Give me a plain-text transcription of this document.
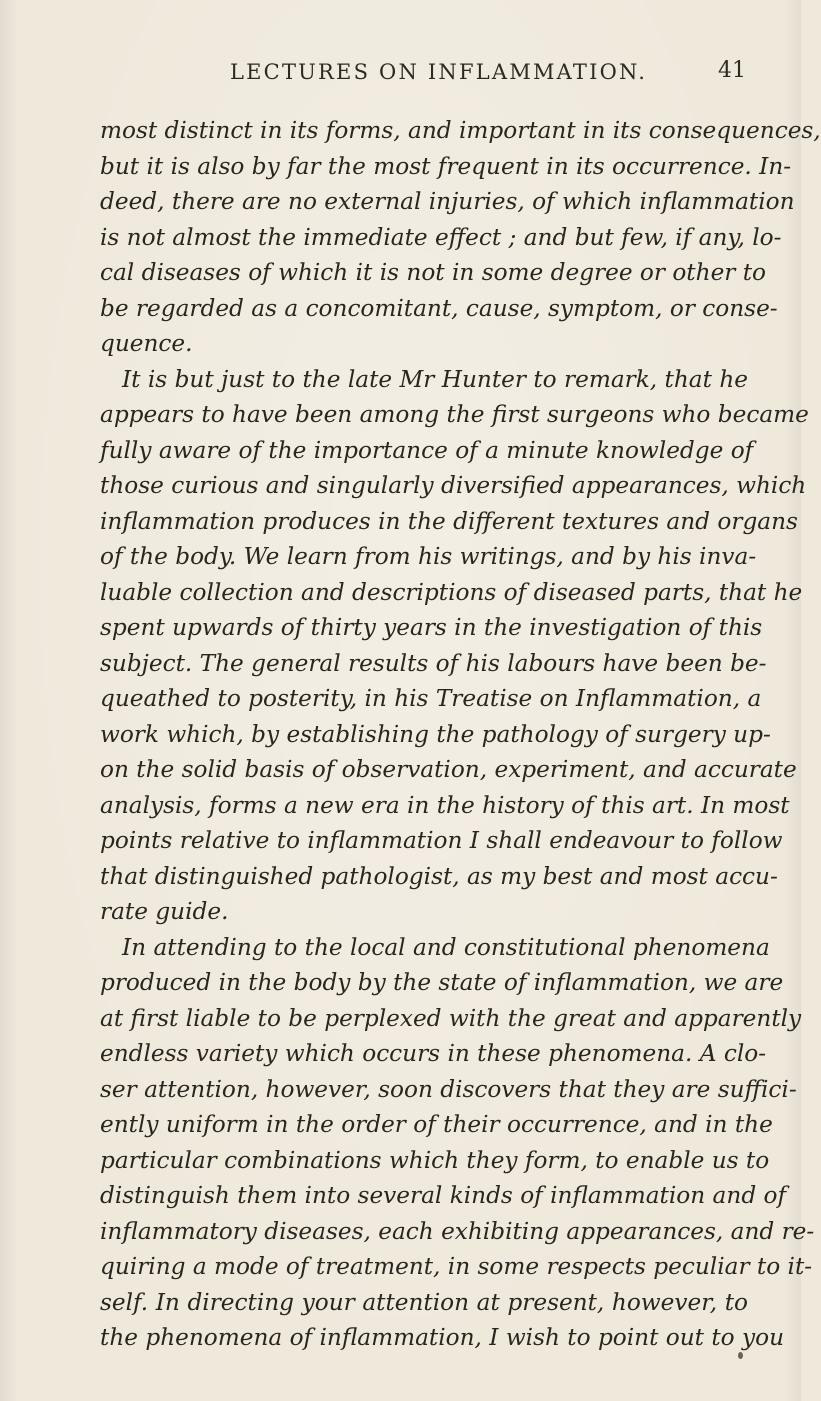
LECTURES ON INFLAMMATION.	41
most distinct in its forms, and important in its consequences,
but it is also by far the most frequent in its occurrence. In-
deed, there are no external injuries, of which inflammation
is not almost the immediate effect ; and but few, if any, lo-
cal diseases of which it is not in some degree or other to
be regarded as a concomitant, cause, symptom, or conse-
quence.
It is but just to the late Mr Hunter to remark, that he
appears to have been among the first surgeons who became
fully aware of the importance of a minute knowledge of
those curious and singularly diversified appearances, which
inflammation produces in the different textures and organs
of the body. We learn from his writings, and by his inva-
luable collection and descriptions of diseased parts, that he
spent upwards of thirty years in the investigation of this
subject. The general results of his labours have been be-
queathed to posterity, in his Treatise on Inflammation, a
work which, by establishing the pathology of surgery up-
on the solid basis of observation, experiment, and accurate
analysis, forms a new era in the history of this art. In most
points relative to inflammation I shall endeavour to follow
that distinguished pathologist, as my best and most accu-
rate guide.
In attending to the local and constitutional phenomena
produced in the body by the state of inflammation, we are
at first liable to be perplexed with the great and apparently
endless variety which occurs in these phenomena. A clo-
ser attention, however, soon discovers that they are suffici-
ently uniform in the order of their occurrence, and in the
particular combinations which they form, to enable us to
distinguish them into several kinds of inflammation and of
inflammatory diseases, each exhibiting appearances, and re-
quiring a mode of treatment, in some respects peculiar to it-
self. In directing your attention at present, however, to
the phenomena of inflammation, I wish to point out to you
